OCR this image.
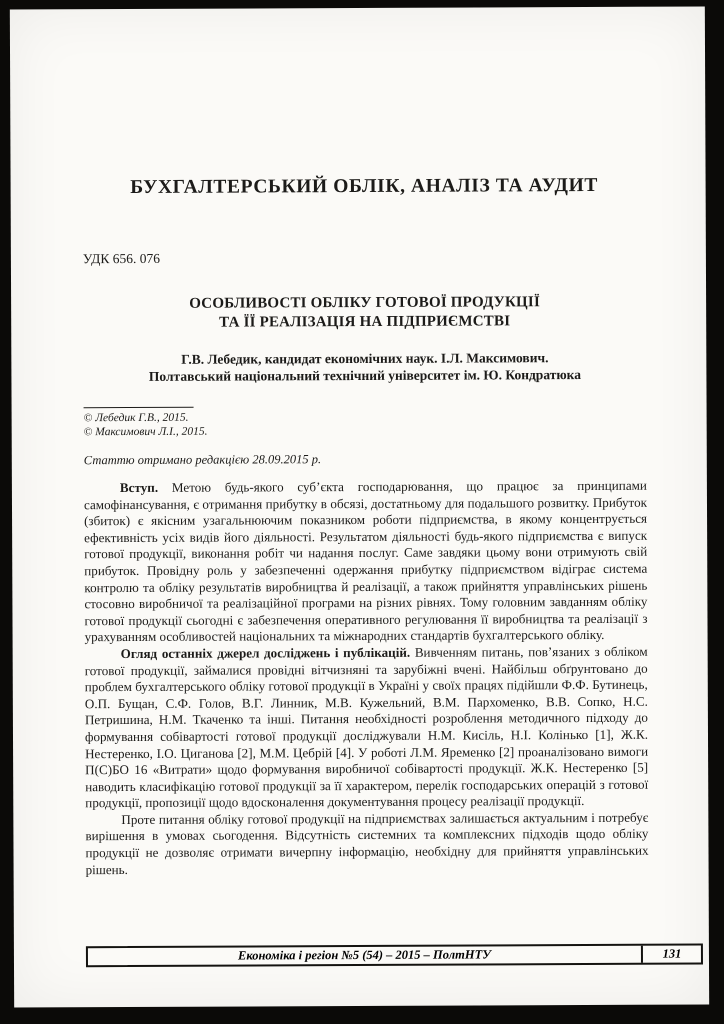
БУХГАЛТЕРСЬКИЙ ОБЛІК, АНАЛІЗ ТА АУДИТ
УДК 656. 076
ОСОБЛИВОСТІ ОБЛІКУ ГОТОВОЇ ПРОДУКЦІЇ
ТА ЇЇ РЕАЛІЗАЦІЯ НА ПІДПРИЄМСТВІ
Г.В. Лебедик, кандидат економічних наук. І.Л. Максимович.
Полтавський національний технічний університет ім. Ю. Кондратюка
© Лебедик Г.В., 2015.
© Максимович Л.І., 2015.
Статтю отримано редакцією 28.09.2015 р.

Вступ. Метою будь-якого суб’єкта господарювання, що працює за принципами самофінансування, є отримання прибутку в обсязі, достатньому для подальшого розвитку. Прибуток (збиток) є якісним узагальнюючим показником роботи підприємства, в якому концентрується ефективність усіх видів його діяльності. Результатом діяльності будь-якого підприємства є випуск готової продукції, виконання робіт чи надання послуг. Саме завдяки цьому вони отримують свій прибуток. Провідну роль у забезпеченні одержання прибутку підприємством відіграє система контролю та обліку результатів виробництва й реалізації, а також прийняття управлінських рішень стосовно виробничої та реалізаційної програми на різних рівнях. Тому головним завданням обліку готової продукції сьогодні є забезпечення оперативного регулювання її виробництва та реалізації з урахуванням особливостей національних та міжнародних стандартів бухгалтерського обліку.

Огляд останніх джерел досліджень і публікацій. Вивченням питань, пов’язаних з обліком готової продукції, займалися провідні вітчизняні та зарубіжні вчені. Найбільш обґрунтовано до проблем бухгалтерського обліку готової продукції в Україні у своїх працях підійшли Ф.Ф. Бутинець, О.П. Бущан, С.Ф. Голов, В.Г. Линник, М.В. Кужельний, В.М. Пархоменко, В.В. Сопко, Н.С. Петришина, Н.М. Ткаченко та інші. Питання необхідності розроблення методичного підходу до формування собівартості готової продукції досліджували Н.М. Кисіль, Н.І. Колінько [1], Ж.К. Нестеренко, І.О. Циганова [2], М.М. Цебрій [4]. У роботі Л.М. Яременко [2] проаналізовано вимоги П(С)БО 16 «Витрати» щодо формування виробничої собівартості продукції. Ж.К. Нестеренко [5] наводить класифікацію готової продукції за її характером, перелік господарських операцій з готової продукції, пропозиції щодо вдосконалення документування процесу реалізації продукції.

Проте питання обліку готової продукції на підприємствах залишається актуальним і потребує вирішення в умовах сьогодення. Відсутність системних та комплексних підходів щодо обліку продукції не дозволяє отримати вичерпну інформацію, необхідну для прийняття управлінських рішень.

Економіка і регіон №5 (54) – 2015 – ПолтНТУ	131
